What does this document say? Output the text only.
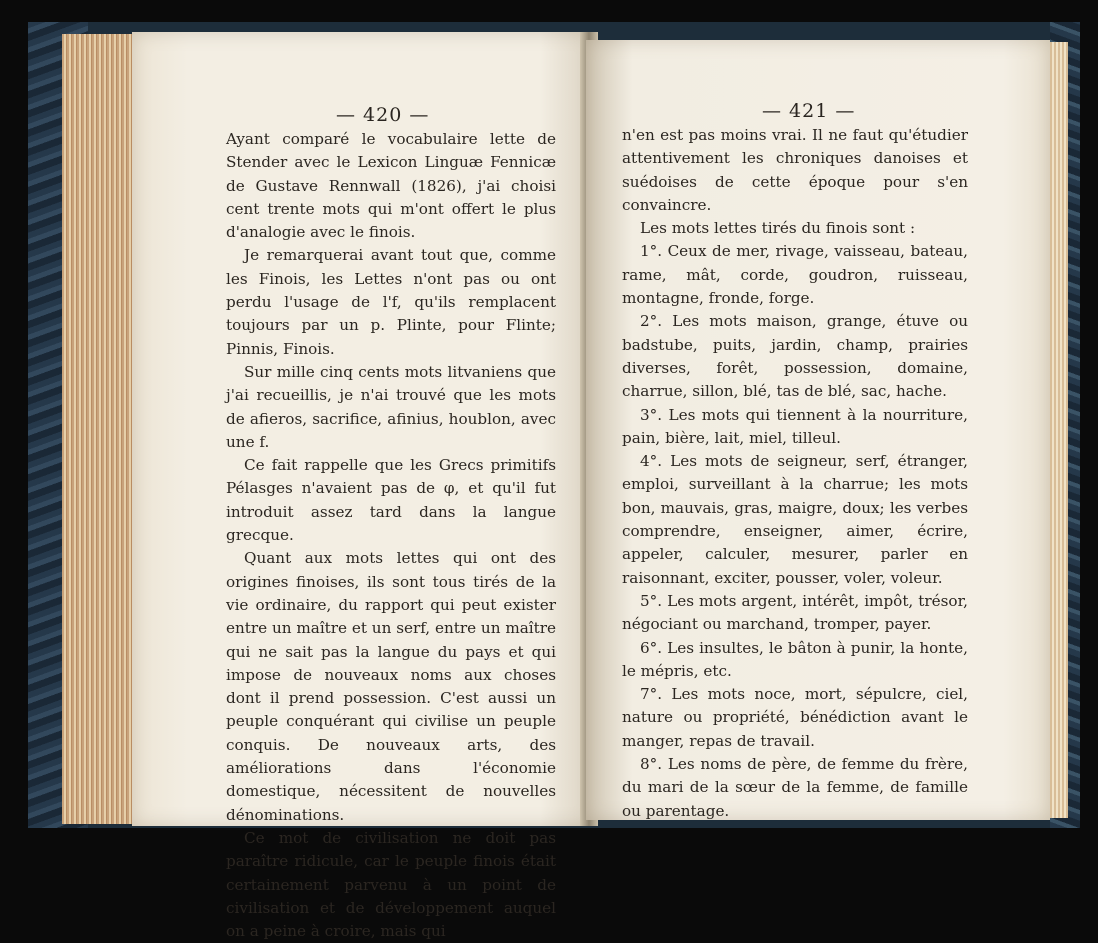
— 420 —

Ayant comparé le vocabulaire lette de Stender avec le Lexicon Linguæ Fennicæ de Gustave Rennwall (1826), j'ai choisi cent trente mots qui m'ont offert le plus d'analogie avec le finois.

Je remarquerai avant tout que, comme les Finois, les Lettes n'ont pas ou ont perdu l'usage de l'f, qu'ils remplacent toujours par un p. Plinte, pour Flinte; Pinnis, Finois.

Sur mille cinq cents mots litvaniens que j'ai recueillis, je n'ai trouvé que les mots de afieros, sacrifice, afinius, houblon, avec une f.

Ce fait rappelle que les Grecs primitifs Pélasges n'avaient pas de φ, et qu'il fut introduit assez tard dans la langue grecque.

Quant aux mots lettes qui ont des origines finoises, ils sont tous tirés de la vie ordinaire, du rapport qui peut exister entre un maître et un serf, entre un maître qui ne sait pas la langue du pays et qui impose de nouveaux noms aux choses dont il prend possession. C'est aussi un peuple conquérant qui civilise un peuple conquis. De nouveaux arts, des améliorations dans l'économie domestique, nécessitent de nouvelles dénominations.

Ce mot de civilisation ne doit pas paraître ridicule, car le peuple finois était certainement parvenu à un point de civilisation et de développement auquel on a peine à croire, mais qui

— 421 —

n'en est pas moins vrai. Il ne faut qu'étudier attentivement les chroniques danoises et suédoises de cette époque pour s'en convaincre.

Les mots lettes tirés du finois sont :

1°. Ceux de mer, rivage, vaisseau, bateau, rame, mât, corde, goudron, ruisseau, montagne, fronde, forge.

2°. Les mots maison, grange, étuve ou badstube, puits, jardin, champ, prairies diverses, forêt, possession, domaine, charrue, sillon, blé, tas de blé, sac, hache.

3°. Les mots qui tiennent à la nourriture, pain, bière, lait, miel, tilleul.

4°. Les mots de seigneur, serf, étranger, emploi, surveillant à la charrue; les mots bon, mauvais, gras, maigre, doux; les verbes comprendre, enseigner, aimer, écrire, appeler, calculer, mesurer, parler en raisonnant, exciter, pousser, voler, voleur.

5°. Les mots argent, intérêt, impôt, trésor, négociant ou marchand, tromper, payer.

6°. Les insultes, le bâton à punir, la honte, le mépris, etc.

7°. Les mots noce, mort, sépulcre, ciel, nature ou propriété, bénédiction avant le manger, repas de travail.

8°. Les noms de père, de femme du frère, du mari de la sœur de la femme, de famille ou parentage.
